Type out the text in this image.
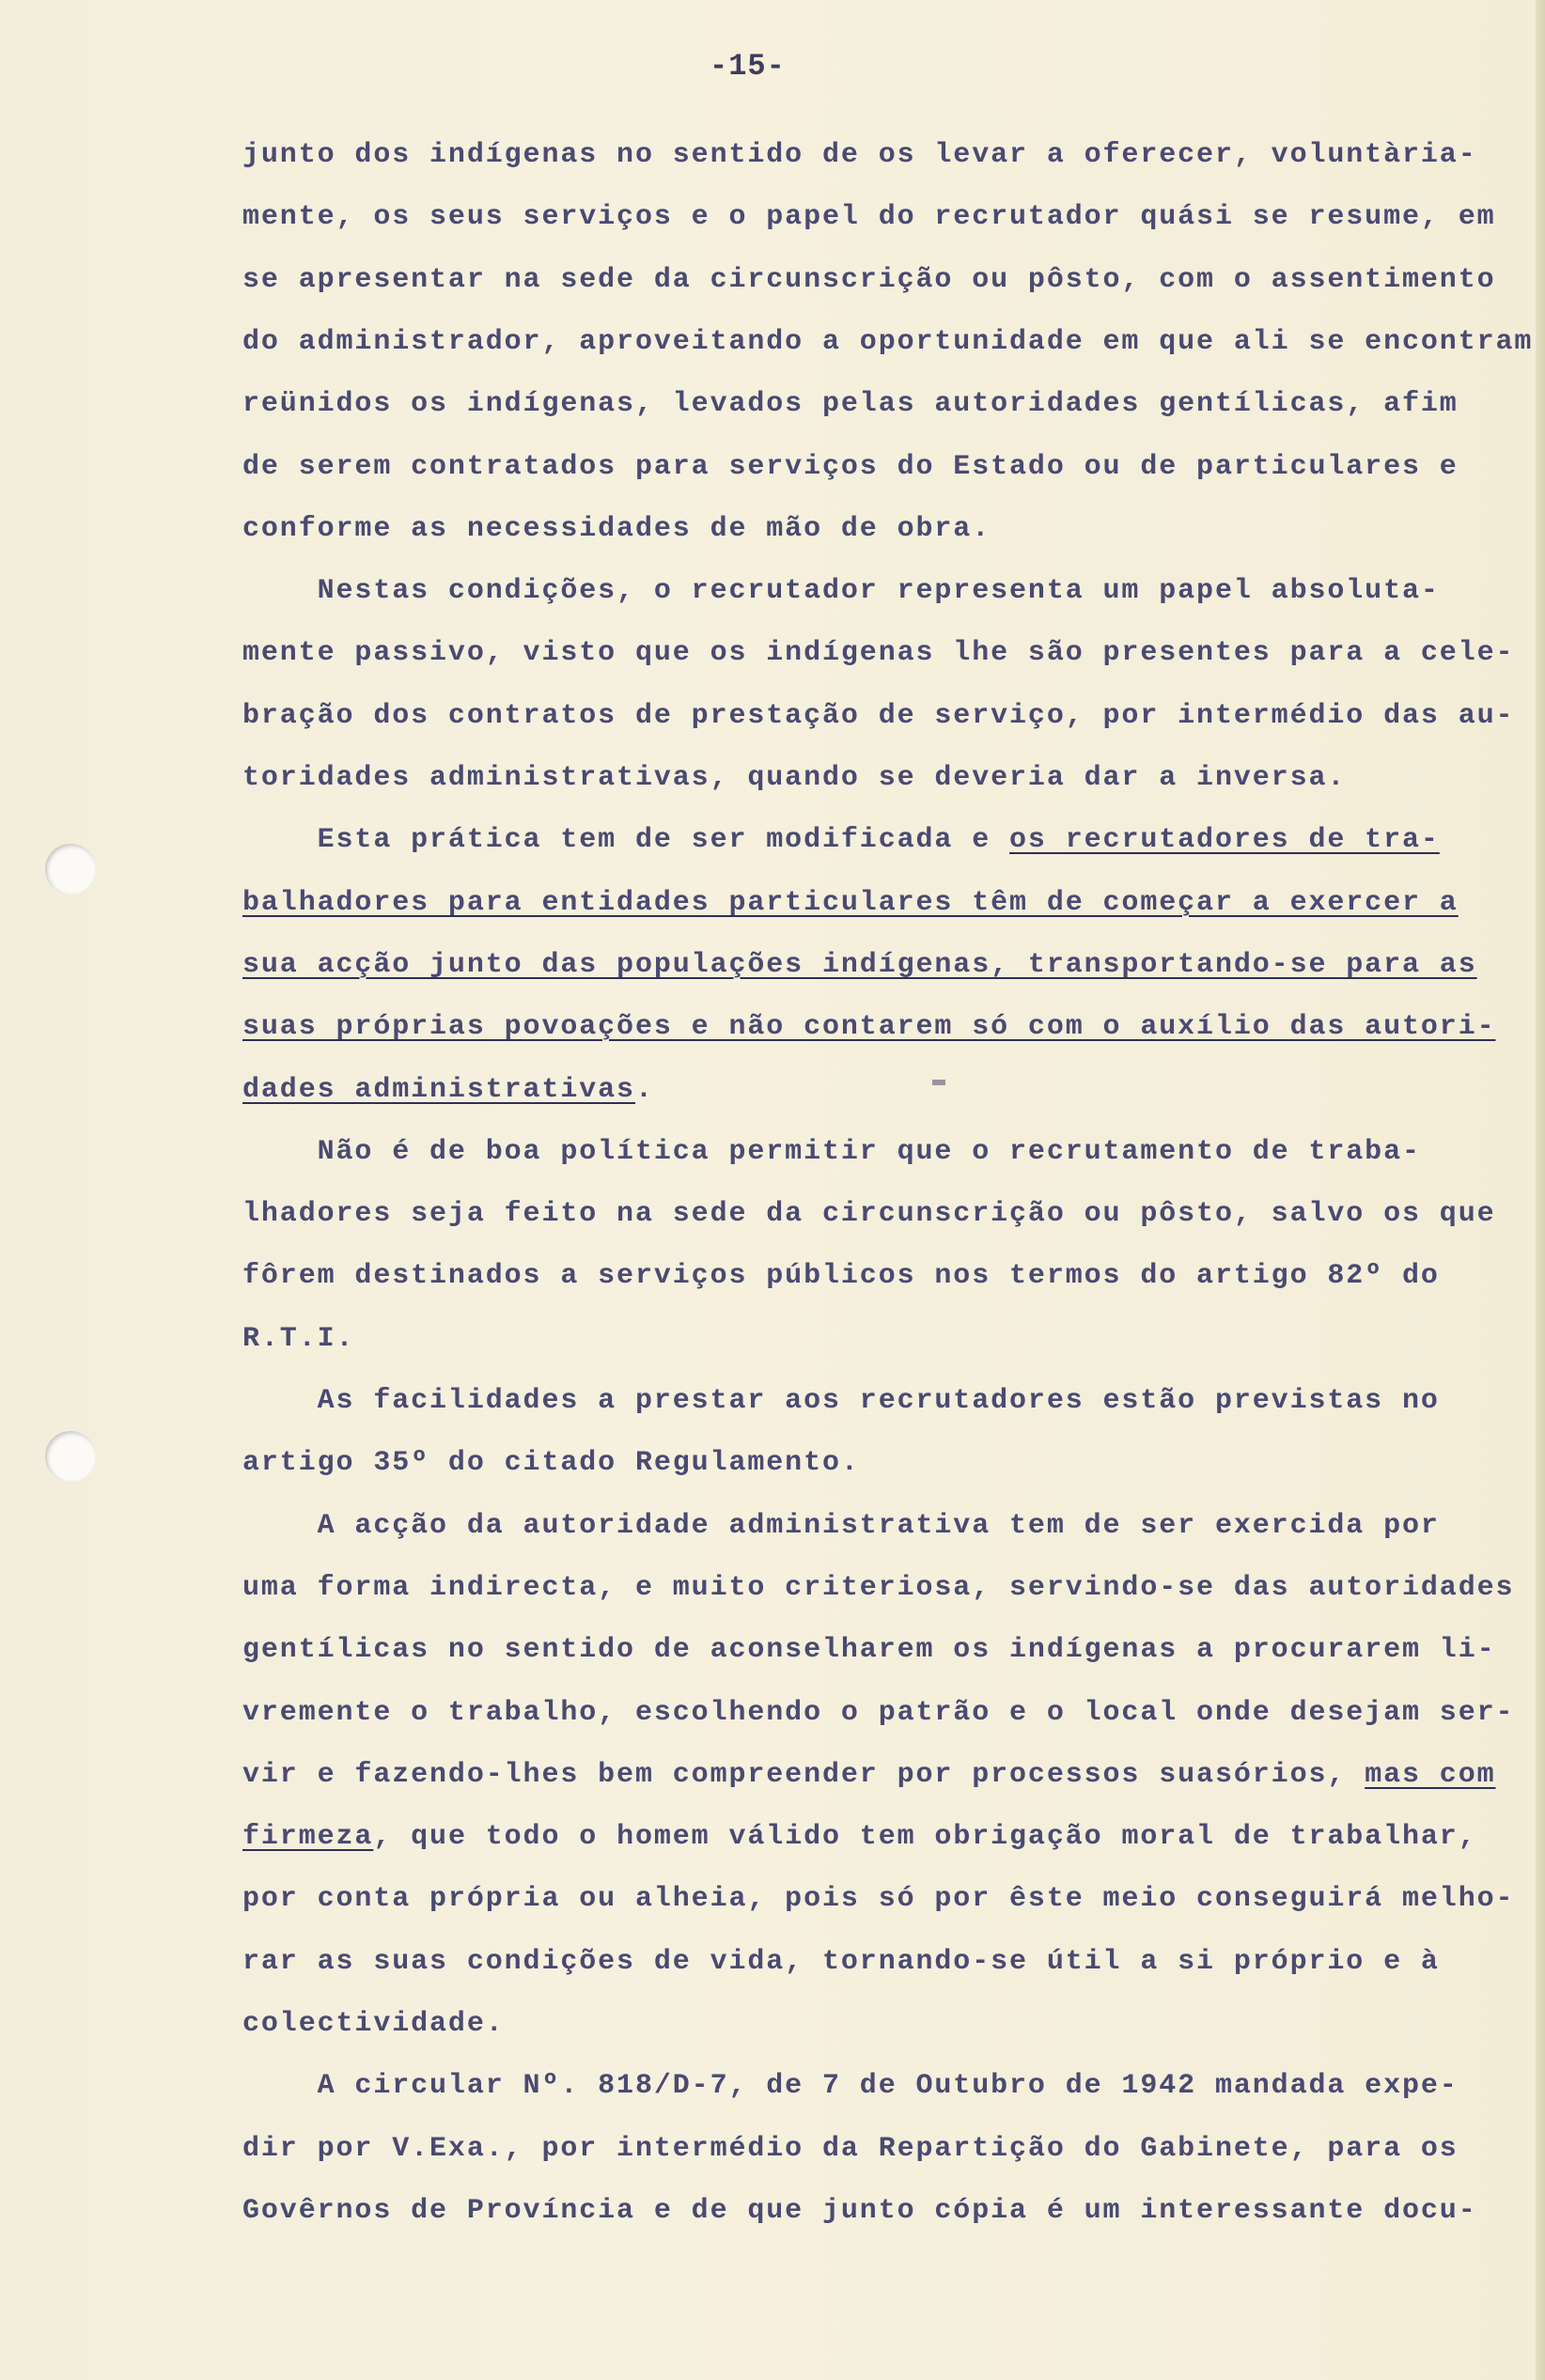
-15-
junto dos indígenas no sentido de os levar a oferecer, voluntària-
mente, os seus serviços e o papel do recrutador quási se resume, em
se apresentar na sede da circunscrição ou pôsto, com o assentimento
do administrador, aproveitando a oportunidade em que ali se encontram
reünidos os indígenas, levados pelas autoridades gentílicas, afim
de serem contratados para serviços do Estado ou de particulares e
conforme as necessidades de mão de obra.
Nestas condições, o recrutador representa um papel absoluta-
mente passivo, visto que os indígenas lhe são presentes para a cele-
bração dos contratos de prestação de serviço, por intermédio das au-
toridades administrativas, quando se deveria dar a inversa.
Esta prática tem de ser modificada e os recrutadores de tra-
balhadores para entidades particulares têm de começar a exercer a
sua acção junto das populações indígenas, transportando-se para as
suas próprias povoações e não contarem só com o auxílio das autori-
dades administrativas.
Não é de boa política permitir que o recrutamento de traba-
lhadores seja feito na sede da circunscrição ou pôsto, salvo os que
fôrem destinados a serviços públicos nos termos do artigo 82º do
R.T.I.
As facilidades a prestar aos recrutadores estão previstas no
artigo 35º do citado Regulamento.
A acção da autoridade administrativa tem de ser exercida por
uma forma indirecta, e muito criteriosa, servindo-se das autoridades
gentílicas no sentido de aconselharem os indígenas a procurarem li-
vremente o trabalho, escolhendo o patrão e o local onde desejam ser-
vir e fazendo-lhes bem compreender por processos suasórios, mas com
firmeza, que todo o homem válido tem obrigação moral de trabalhar,
por conta própria ou alheia, pois só por êste meio conseguirá melho-
rar as suas condições de vida, tornando-se útil a si próprio e à
colectividade.
A circular Nº. 818/D-7, de 7 de Outubro de 1942 mandada expe-
dir por V.Exa., por intermédio da Repartição do Gabinete, para os
Govêrnos de Província e de que junto cópia é um interessante docu-
